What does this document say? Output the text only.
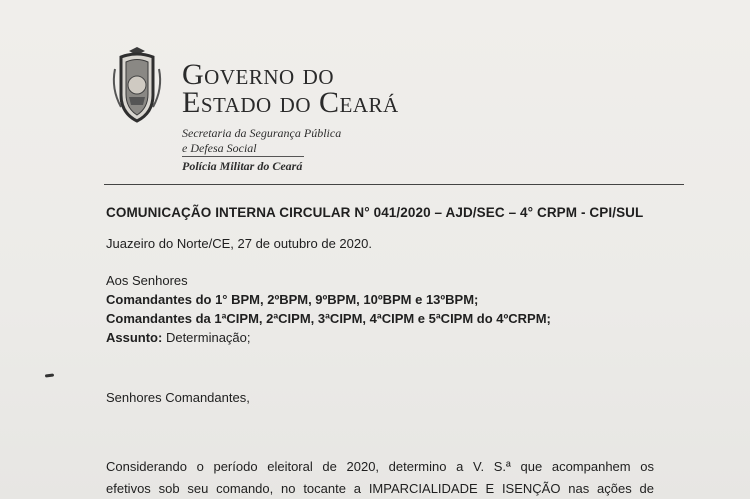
Governo do
Estado do Ceará
Secretaria da Segurança Pública
e Defesa Social
Polícia Militar do Ceará
COMUNICAÇÃO INTERNA CIRCULAR N° 041/2020 – AJD/SEC – 4° CRPM - CPI/SUL
Juazeiro do Norte/CE, 27 de outubro de 2020.
Aos Senhores
Comandantes do 1° BPM, 2ºBPM, 9ºBPM, 10ºBPM e 13ºBPM;
Comandantes da 1ªCIPM, 2ªCIPM, 3ªCIPM, 4ªCIPM e 5ªCIPM do 4ºCRPM;
Assunto: Determinação;
Senhores Comandantes,
Considerando o período eleitoral de 2020, determino a V. S.ª que acompanhem os
efetivos sob seu comando, no tocante a IMPARCIALIDADE E ISENÇÃO nas ações de
